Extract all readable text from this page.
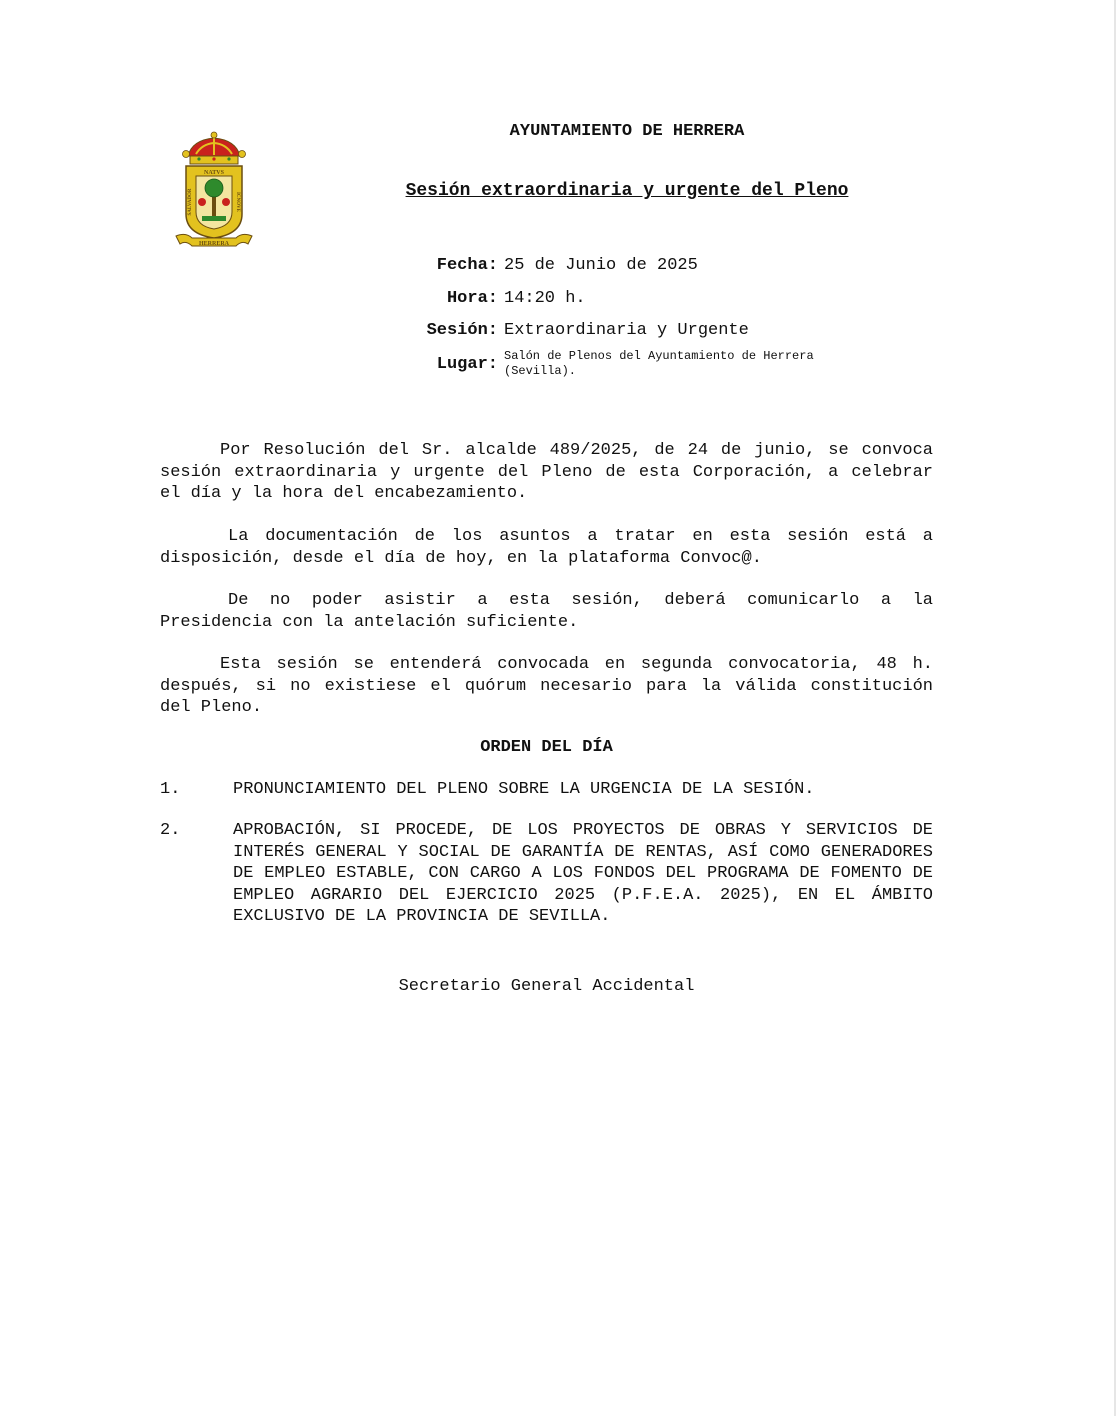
NATVS
SALVADOR	ICNOVE
HERRERA
AYUNTAMIENTO DE HERRERA
Sesión extraordinaria y urgente del Pleno
Fecha: 25 de Junio de 2025
Hora: 14:20 h.
Sesión: Extraordinaria y Urgente
Lugar: Salón de Plenos del Ayuntamiento de Herrera (Sevilla).

Por Resolución del Sr. alcalde 489/2025, de 24 de junio, se convoca sesión extraordinaria y urgente del Pleno de esta Corporación, a celebrar el día y la hora del encabezamiento.

La documentación de los asuntos a tratar en esta sesión está a disposición, desde el día de hoy, en la plataforma Convoc@.

De no poder asistir a esta sesión, deberá comunicarlo a la Presidencia con la antelación suficiente.

Esta sesión se entenderá convocada en segunda convocatoria, 48 h. después, si no existiese el quórum necesario para la válida constitución del Pleno.

ORDEN DEL DÍA
1.	PRONUNCIAMIENTO DEL PLENO SOBRE LA URGENCIA DE LA SESIÓN.
2.	APROBACIÓN, SI PROCEDE, DE LOS PROYECTOS DE OBRAS Y SERVICIOS DE INTERÉS GENERAL Y SOCIAL DE GARANTÍA DE RENTAS, ASÍ COMO GENERADORES DE EMPLEO ESTABLE, CON CARGO A LOS FONDOS DEL PROGRAMA DE FOMENTO DE EMPLEO AGRARIO DEL EJERCICIO 2025 (P.F.E.A. 2025), EN EL ÁMBITO EXCLUSIVO DE LA PROVINCIA DE SEVILLA.

Secretario General Accidental
